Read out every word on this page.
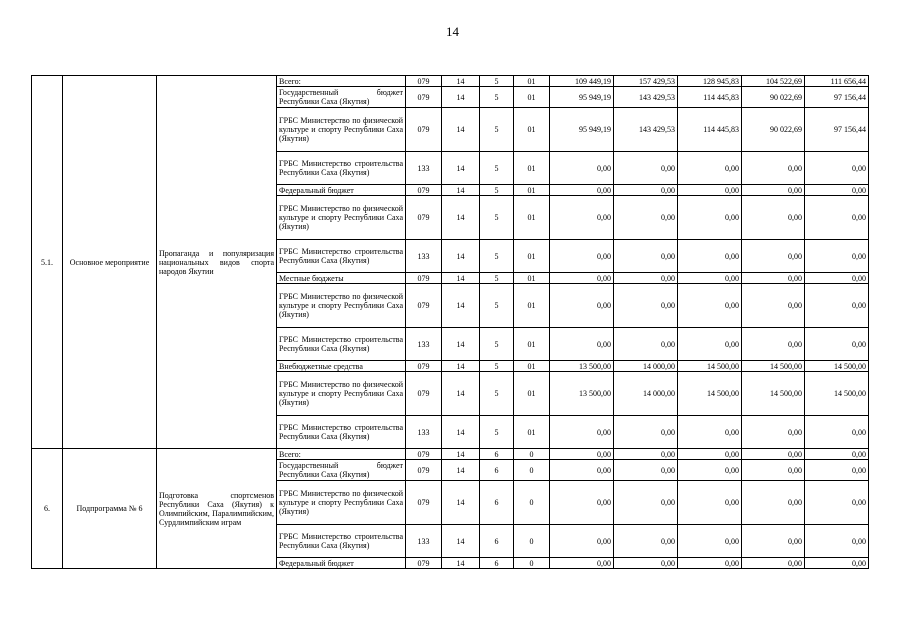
14
5.1.	Основное мероприятие	Пропаганда и популяризация национальных видов спорта народов Якутии	Всего:	079	14	5	01	109 449,19	157 429,53	128 945,83	104 522,69	111 656,44
			Государственный бюджет Республики Саха (Якутия)	079	14	5	01	95 949,19	143 429,53	114 445,83	90 022,69	97 156,44
			ГРБС Министерство по физической культуре и спорту Республики Саха (Якутия)	079	14	5	01	95 949,19	143 429,53	114 445,83	90 022,69	97 156,44
			ГРБС Министерство строительства Республики Саха (Якутия)	133	14	5	01	0,00	0,00	0,00	0,00	0,00
			Федеральный бюджет	079	14	5	01	0,00	0,00	0,00	0,00	0,00
			ГРБС Министерство по физической культуре и спорту Республики Саха (Якутия)	079	14	5	01	0,00	0,00	0,00	0,00	0,00
			ГРБС Министерство строительства Республики Саха (Якутия)	133	14	5	01	0,00	0,00	0,00	0,00	0,00
			Местные бюджеты	079	14	5	01	0,00	0,00	0,00	0,00	0,00
			ГРБС Министерство по физической культуре и спорту Республики Саха (Якутия)	079	14	5	01	0,00	0,00	0,00	0,00	0,00
			ГРБС Министерство строительства Республики Саха (Якутия)	133	14	5	01	0,00	0,00	0,00	0,00	0,00
			Внебюджетные средства	079	14	5	01	13 500,00	14 000,00	14 500,00	14 500,00	14 500,00
			ГРБС Министерство по физической культуре и спорту Республики Саха (Якутия)	079	14	5	01	13 500,00	14 000,00	14 500,00	14 500,00	14 500,00
			ГРБС Министерство строительства Республики Саха (Якутия)	133	14	5	01	0,00	0,00	0,00	0,00	0,00
6.	Подпрограмма № 6	Подготовка спортсменов Республики Саха (Якутия) к Олимпийским, Паралимпийским, Сурдлимпийским играм	Всего:	079	14	6	0	0,00	0,00	0,00	0,00	0,00
			Государственный бюджет Республики Саха (Якутия)	079	14	6	0	0,00	0,00	0,00	0,00	0,00
			ГРБС Министерство по физической культуре и спорту Республики Саха (Якутия)	079	14	6	0	0,00	0,00	0,00	0,00	0,00
			ГРБС Министерство строительства Республики Саха (Якутия)	133	14	6	0	0,00	0,00	0,00	0,00	0,00
			Федеральный бюджет	079	14	6	0	0,00	0,00	0,00	0,00	0,00
